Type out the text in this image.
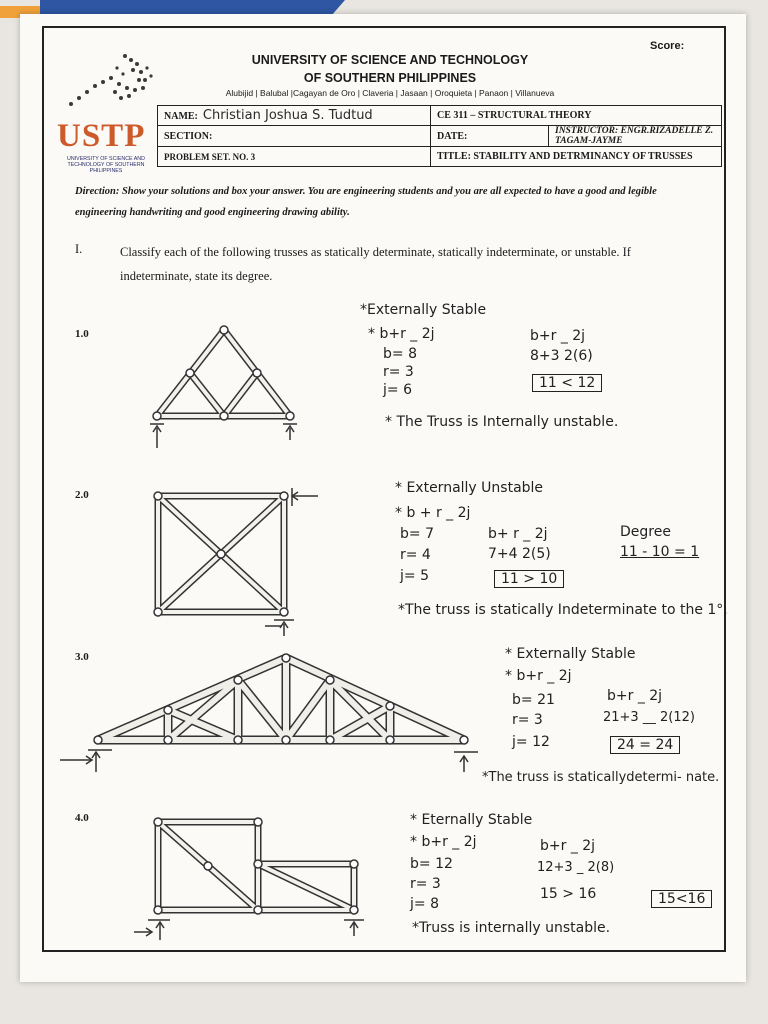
Score:
UNIVERSITY OF SCIENCE AND TECHNOLOGY
OF SOUTHERN PHILIPPINES
Alubijid | Balubal |Cagayan de Oro | Claveria | Jasaan | Oroquieta | Panaon | Villanueva
USTP
UNIVERSITY OF SCIENCE AND TECHNOLOGY OF SOUTHERN PHILIPPINES
NAME: Christian Joshua S. Tudtud	CE 311 – STRUCTURAL THEORY	
SECTION:	DATE:	INSTRUCTOR: ENGR.RIZADELLE Z. TAGAM-JAYME
PROBLEM SET. NO. 3	TITLE: STABILITY AND DETRMINANCY OF TRUSSES	
Direction: Show your solutions and box your answer. You are engineering students and you are all expected to have a good and legible engineering handwriting and good engineering drawing ability.
I.	Classify each of the following trusses as statically determinate, statically indeterminate, or unstable. If indeterminate, state its degree.
1.0
*Externally Stable
* b+r _ 2j
b= 8
r= 3
j= 6
b+r _ 2j
8+3 2(6)
11 < 12
* The Truss is Internally unstable.
2.0	* Externally Unstable
* b + r _ 2j
b= 7
r= 4
j= 5
b+ r _ 2j
7+4 2(5)
Degree
11 - 10 = 1
11 > 10
*The truss is statically Indeterminate to the 1°.
3.0	* Externally Stable
* b+r _ 2j
b= 21
r= 3
j= 12
b+r _ 2j
21+3 __ 2(12)
24 = 24
*The truss is staticallydetermi- nate.
4.0	* Eternally Stable
* b+r _ 2j
b= 12
r= 3
j= 8
b+r _ 2j
12+3 _ 2(8)
15 > 16	15<16
*Truss is internally unstable.
